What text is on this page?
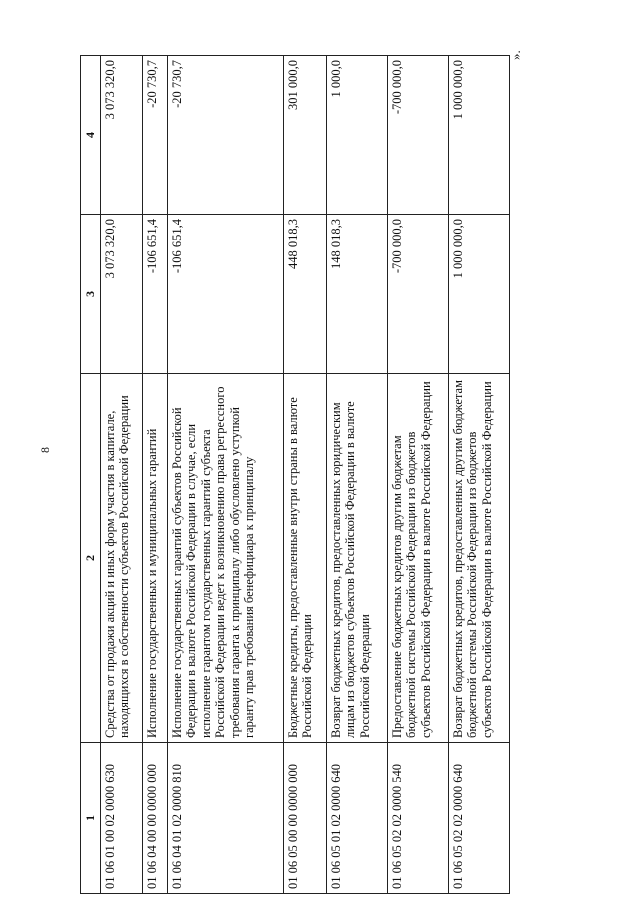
8
».
1	2	3	4
01 06 01 00 02 0000 630	Средства от продажи акций и иных форм участия в капитале, находящихся в собственности субъектов Российской Федерации	3 073 320,0	3 073 320,0
01 06 04 00 00 0000 000	Исполнение государственных и муниципальных гарантий	-106 651,4	-20 730,7
01 06 04 01 02 0000 810	Исполнение государственных гарантий субъектов Российской Федерации в валюте Российской Федерации в случае, если исполнение гарантом государственных гарантий субъекта Российской Федерации ведет к возникновению права регрессного требования гаранта к принципалу либо обусловлено уступкой гаранту прав требования бенефициара к принципалу	-106 651,4	-20 730,7
01 06 05 00 00 0000 000	Бюджетные кредиты, предоставленные внутри страны в валюте Российской Федерации	448 018,3	301 000,0
01 06 05 01 02 0000 640	Возврат бюджетных кредитов, предоставленных юридическим лицам из бюджетов субъектов Российской Федерации в валюте Российской Федерации	148 018,3	1 000,0
01 06 05 02 02 0000 540	Предоставление бюджетных кредитов другим бюджетам бюджетной системы Российской Федерации из бюджетов субъектов Российской Федерации в валюте Российской Федерации	-700 000,0	-700 000,0
01 06 05 02 02 0000 640	Возврат бюджетных кредитов, предоставленных другим бюджетам бюджетной системы Российской Федерации из бюджетов субъектов Российской Федерации в валюте Российской Федерации	1 000 000,0	1 000 000,0
